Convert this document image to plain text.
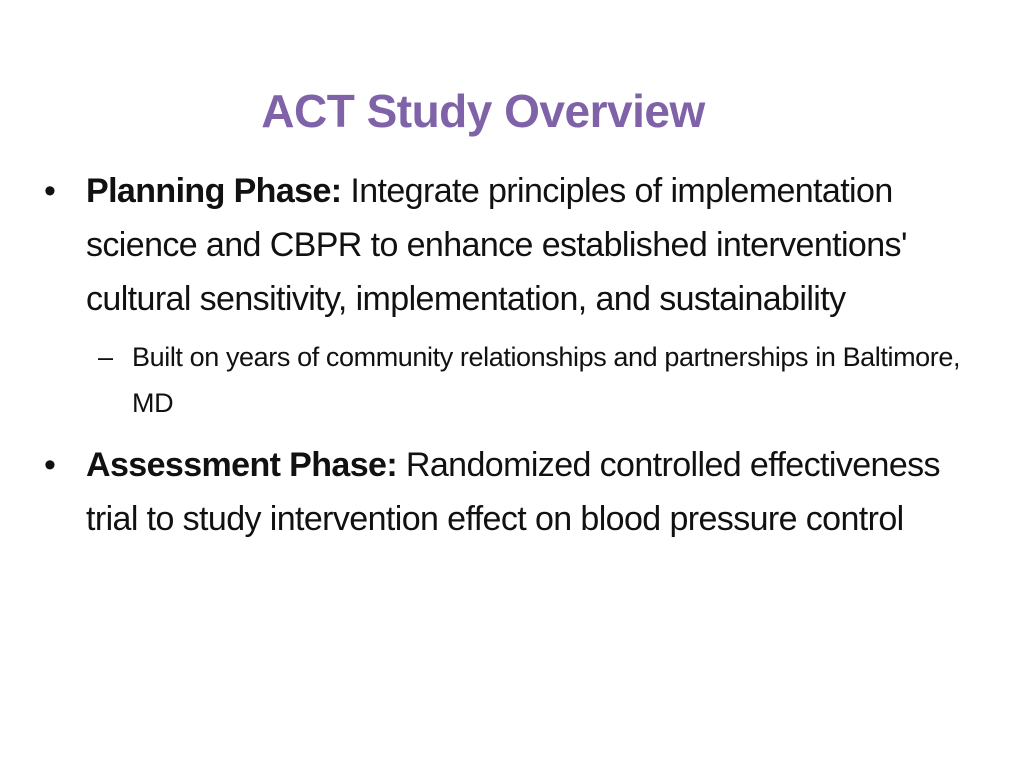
ACT Study Overview
• Planning Phase: Integrate principles of implementation science and CBPR to enhance established interventions' cultural sensitivity, implementation, and sustainability
– Built on years of community relationships and partnerships in Baltimore, MD
• Assessment Phase: Randomized controlled effectiveness trial to study intervention effect on blood pressure control
